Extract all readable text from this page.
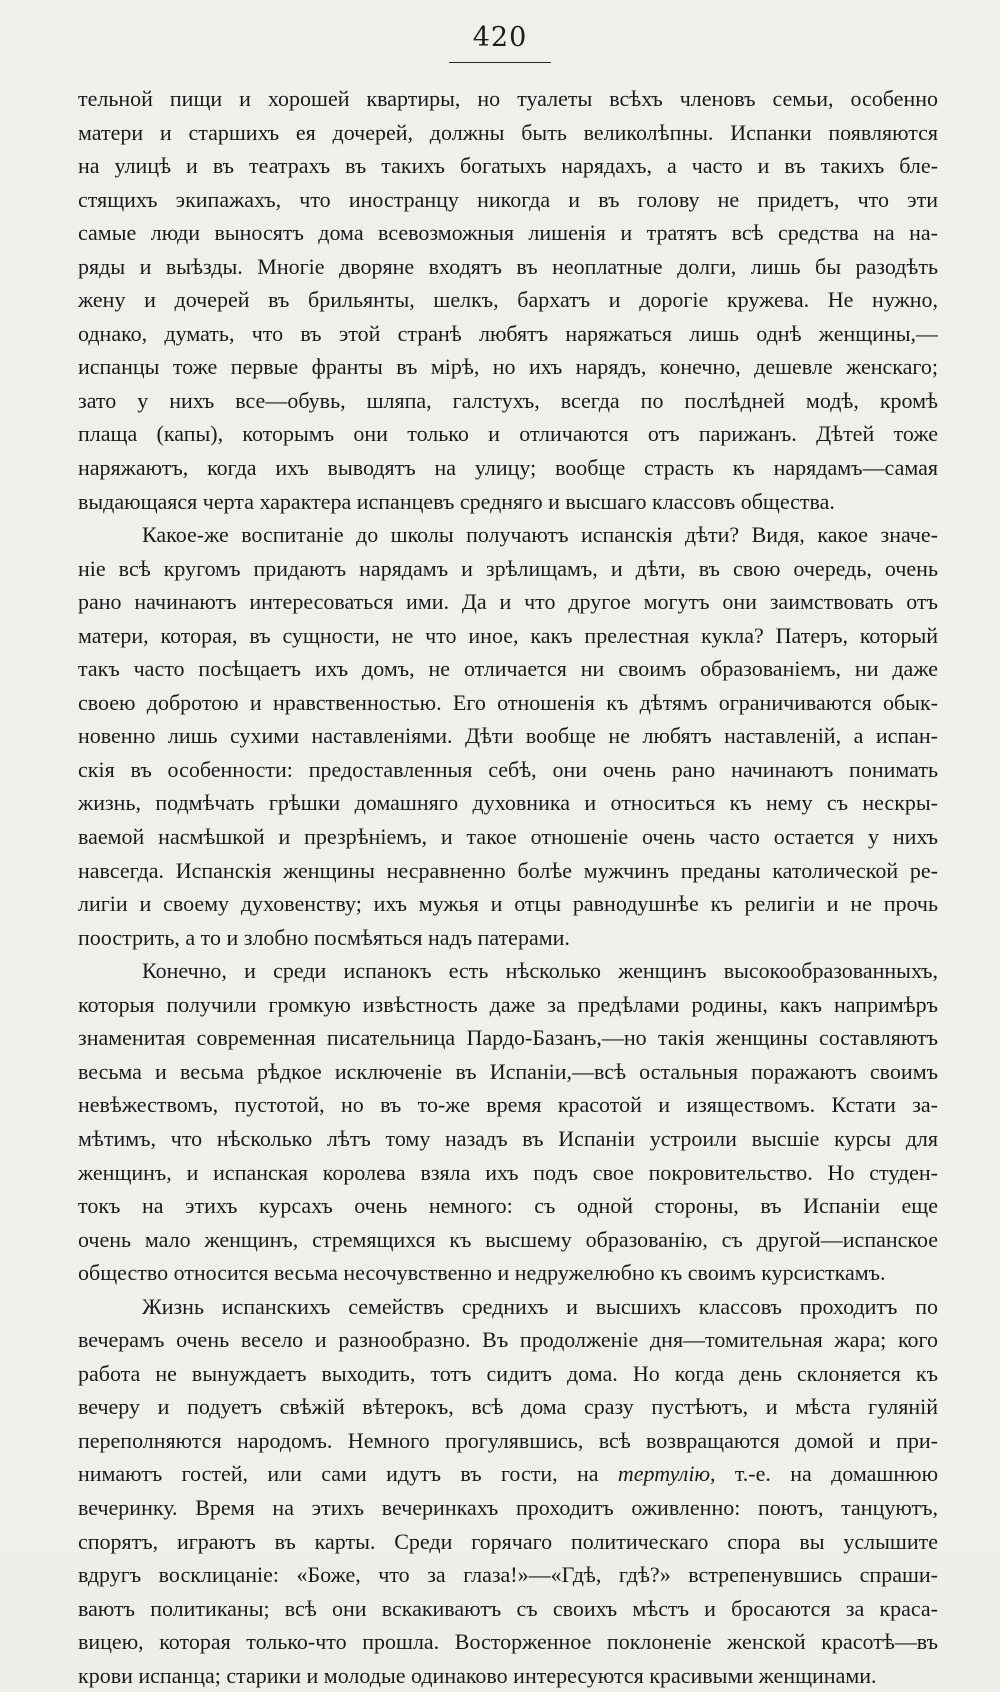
420
тельной пищи и хорошей квартиры, но туалеты всѣхъ членовъ семьи, особенно
матери и старшихъ ея дочерей, должны быть великолѣпны. Испанки появляются
на улицѣ и въ театрахъ въ такихъ богатыхъ нарядахъ, а часто и въ такихъ бле-
стящихъ экипажахъ, что иностранцу никогда и въ голову не придетъ, что эти
самые люди выносятъ дома всевозможныя лишенія и тратятъ всѣ средства на на-
ряды и выѣзды. Многіе дворяне входятъ въ неоплатные долги, лишь бы разодѣть
жену и дочерей въ брильянты, шелкъ, бархатъ и дорогіе кружева. Не нужно,
однако, думать, что въ этой странѣ любятъ наряжаться лишь однѣ женщины,—
испанцы тоже первые франты въ мірѣ, но ихъ нарядъ, конечно, дешевле женскаго;
зато у нихъ все—обувь, шляпа, галстухъ, всегда по послѣдней модѣ, кромѣ
плаща (капы), которымъ они только и отличаются отъ парижанъ. Дѣтей тоже
наряжаютъ, когда ихъ выводятъ на улицу; вообще страсть къ нарядамъ—самая
выдающаяся черта характера испанцевъ средняго и высшаго классовъ общества.
Какое-же воспитаніе до школы получаютъ испанскія дѣти? Видя, какое значе-
ніе всѣ кругомъ придаютъ нарядамъ и зрѣлищамъ, и дѣти, въ свою очередь, очень
рано начинаютъ интересоваться ими. Да и что другое могутъ они заимствовать отъ
матери, которая, въ сущности, не что иное, какъ прелестная кукла? Патеръ, который
такъ часто посѣщаетъ ихъ домъ, не отличается ни своимъ образованіемъ, ни даже
своею добротою и нравственностью. Его отношенія къ дѣтямъ ограничиваются обык-
новенно лишь сухими наставленіями. Дѣти вообще не любятъ наставленій, а испан-
скія въ особенности: предоставленныя себѣ, они очень рано начинаютъ понимать
жизнь, подмѣчать грѣшки домашняго духовника и относиться къ нему съ нескры-
ваемой насмѣшкой и презрѣніемъ, и такое отношеніе очень часто остается у нихъ
навсегда. Испанскія женщины несравненно болѣе мужчинъ преданы католической ре-
лигіи и своему духовенству; ихъ мужья и отцы равнодушнѣе къ религіи и не прочь
поострить, а то и злобно посмѣяться надъ патерами.
Конечно, и среди испанокъ есть нѣсколько женщинъ высокообразованныхъ,
которыя получили громкую извѣстность даже за предѣлами родины, какъ напримѣръ
знаменитая современная писательница Пардо-Базанъ,—но такія женщины составляютъ
весьма и весьма рѣдкое исключеніе въ Испаніи,—всѣ остальныя поражаютъ своимъ
невѣжествомъ, пустотой, но въ то-же время красотой и изяществомъ. Кстати за-
мѣтимъ, что нѣсколько лѣтъ тому назадъ въ Испаніи устроили высшіе курсы для
женщинъ, и испанская королева взяла ихъ подъ свое покровительство. Но студен-
токъ на этихъ курсахъ очень немного: съ одной стороны, въ Испаніи еще
очень мало женщинъ, стремящихся къ высшему образованію, съ другой—испанское
общество относится весьма несочувственно и недружелюбно къ своимъ курсисткамъ.
Жизнь испанскихъ семействъ среднихъ и высшихъ классовъ проходитъ по
вечерамъ очень весело и разнообразно. Въ продолженіе дня—томительная жара; кого
работа не вынуждаетъ выходить, тотъ сидитъ дома. Но когда день склоняется къ
вечеру и подуетъ свѣжій вѣтерокъ, всѣ дома сразу пустѣютъ, и мѣста гуляній
переполняются народомъ. Немного прогулявшись, всѣ возвращаются домой и при-
нимаютъ гостей, или сами идутъ въ гости, на тертулію, т.-е. на домашнюю
вечеринку. Время на этихъ вечеринкахъ проходитъ оживленно: поютъ, танцуютъ,
спорятъ, играютъ въ карты. Среди горячаго политическаго спора вы услышите
вдругъ восклицаніе: «Боже, что за глаза!»—«Гдѣ, гдѣ?» встрепенувшись спраши-
ваютъ политиканы; всѣ они вскакиваютъ съ своихъ мѣстъ и бросаются за краса-
вицею, которая только-что прошла. Восторженное поклоненіе женской красотѣ—въ
крови испанца; старики и молодые одинаково интересуются красивыми женщинами.
